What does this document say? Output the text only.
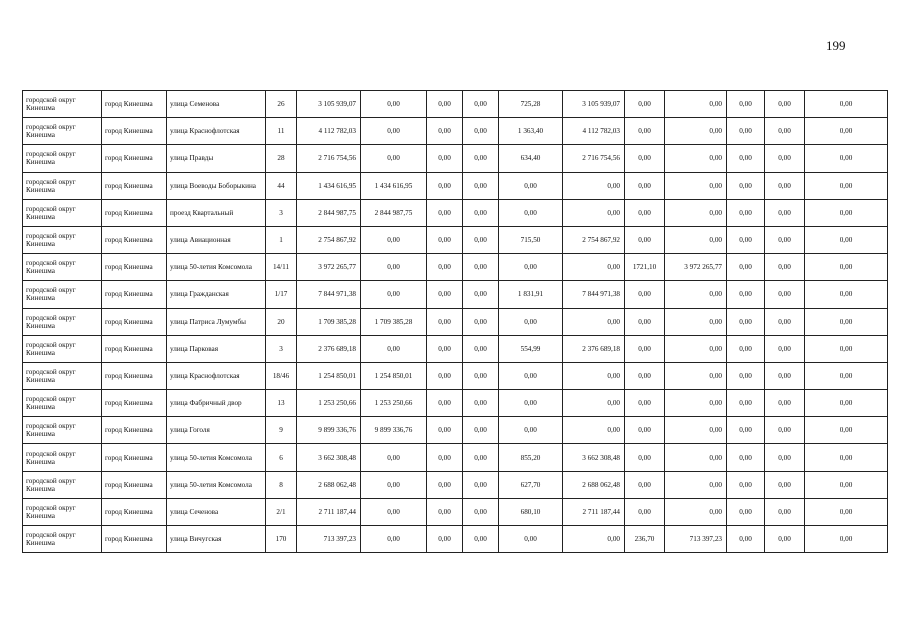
199
городской округ Кинешма	город Кинешма	улица Семенова	26	3 105 939,07	0,00	0,00	0,00	725,28	3 105 939,07	0,00	0,00	0,00	0,00	0,00
городской округ Кинешма	город Кинешма	улица Краснофлотская	11	4 112 782,03	0,00	0,00	0,00	1 363,40	4 112 782,03	0,00	0,00	0,00	0,00	0,00
городской округ Кинешма	город Кинешма	улица Правды	28	2 716 754,56	0,00	0,00	0,00	634,40	2 716 754,56	0,00	0,00	0,00	0,00	0,00
городской округ Кинешма	город Кинешма	улица Воеводы Боборыкина	44	1 434 616,95	1 434 616,95	0,00	0,00	0,00	0,00	0,00	0,00	0,00	0,00	0,00
городской округ Кинешма	город Кинешма	проезд Квартальный	3	2 844 987,75	2 844 987,75	0,00	0,00	0,00	0,00	0,00	0,00	0,00	0,00	0,00
городской округ Кинешма	город Кинешма	улица Авиационная	1	2 754 867,92	0,00	0,00	0,00	715,50	2 754 867,92	0,00	0,00	0,00	0,00	0,00
городской округ Кинешма	город Кинешма	улица 50-летия Комсомола	14/11	3 972 265,77	0,00	0,00	0,00	0,00	0,00	1721,10	3 972 265,77	0,00	0,00	0,00
городской округ Кинешма	город Кинешма	улица Гражданская	1/17	7 844 971,38	0,00	0,00	0,00	1 831,91	7 844 971,38	0,00	0,00	0,00	0,00	0,00
городской округ Кинешма	город Кинешма	улица Патриса Лумумбы	20	1 709 385,28	1 709 385,28	0,00	0,00	0,00	0,00	0,00	0,00	0,00	0,00	0,00
городской округ Кинешма	город Кинешма	улица Парковая	3	2 376 689,18	0,00	0,00	0,00	554,99	2 376 689,18	0,00	0,00	0,00	0,00	0,00
городской округ Кинешма	город Кинешма	улица Краснофлотская	18/46	1 254 850,01	1 254 850,01	0,00	0,00	0,00	0,00	0,00	0,00	0,00	0,00	0,00
городской округ Кинешма	город Кинешма	улица Фабричный двор	13	1 253 250,66	1 253 250,66	0,00	0,00	0,00	0,00	0,00	0,00	0,00	0,00	0,00
городской округ Кинешма	город Кинешма	улица Гоголя	9	9 899 336,76	9 899 336,76	0,00	0,00	0,00	0,00	0,00	0,00	0,00	0,00	0,00
городской округ Кинешма	город Кинешма	улица 50-летия Комсомола	6	3 662 308,48	0,00	0,00	0,00	855,20	3 662 308,48	0,00	0,00	0,00	0,00	0,00
городской округ Кинешма	город Кинешма	улица 50-летия Комсомола	8	2 688 062,48	0,00	0,00	0,00	627,70	2 688 062,48	0,00	0,00	0,00	0,00	0,00
городской округ Кинешма	город Кинешма	улица Сеченова	2/1	2 711 187,44	0,00	0,00	0,00	680,10	2 711 187,44	0,00	0,00	0,00	0,00	0,00
городской округ Кинешма	город Кинешма	улица Вичугская	170	713 397,23	0,00	0,00	0,00	0,00	0,00	236,70	713 397,23	0,00	0,00	0,00
